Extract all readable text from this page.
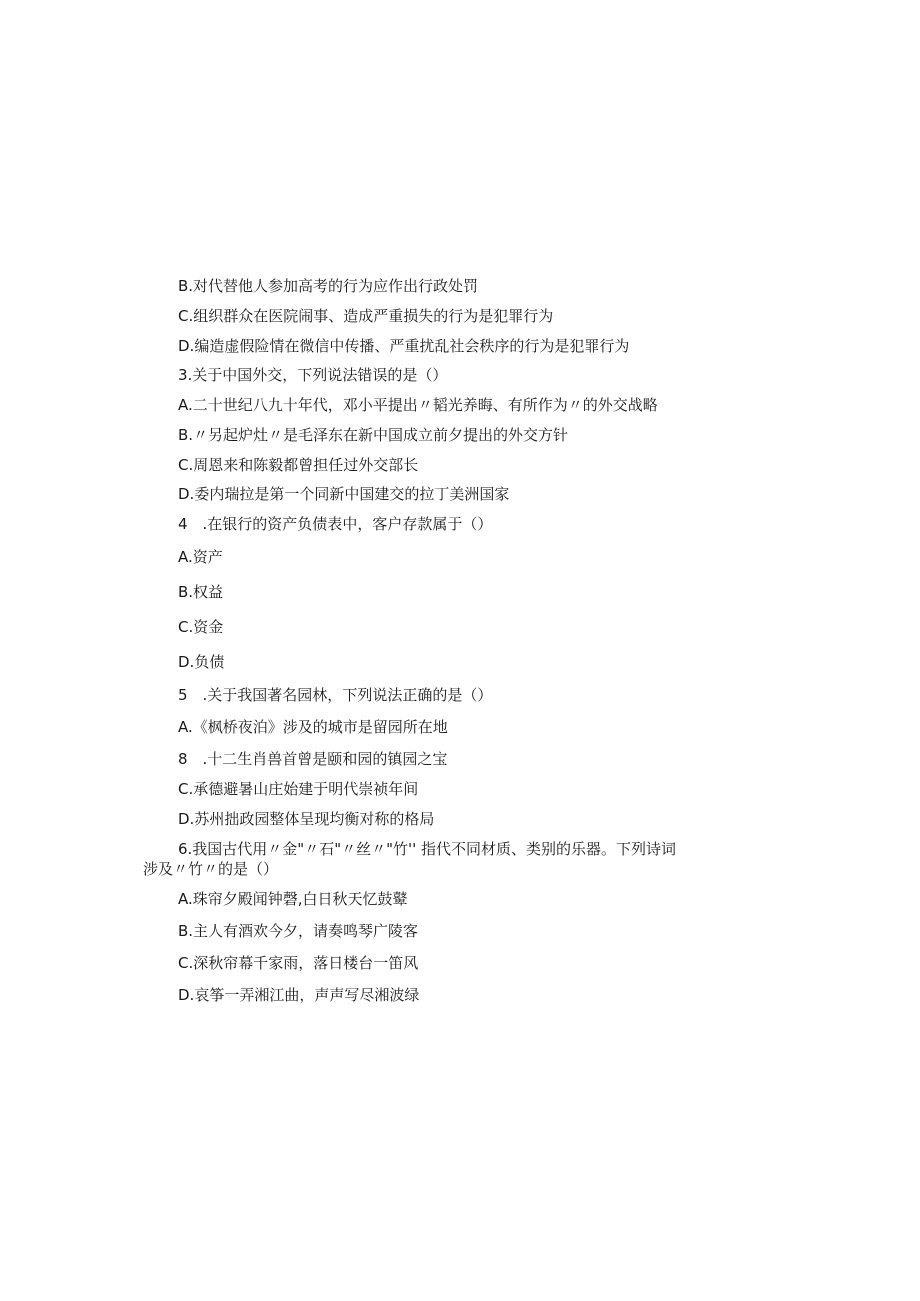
B.对代替他人参加高考的行为应作出行政处罚
C.组织群众在医院闹事、造成严重损失的行为是犯罪行为
D.编造虚假险情在微信中传播、严重扰乱社会秩序的行为是犯罪行为
3.关于中国外交，下列说法错误的是（）
A.二十世纪八九十年代，邓小平提出〃韬光养晦、有所作为〃的外交战略
B.〃另起炉灶〃是毛泽东在新中国成立前夕提出的外交方针
C.周恩来和陈毅都曾担任过外交部长
D.委内瑞拉是第一个同新中国建交的拉丁美洲国家
4　.在银行的资产负债表中，客户存款属于（）
A.资产
B.权益
C.资金
D.负债
5　.关于我国著名园林，下列说法正确的是（）
A.《枫桥夜泊》涉及的城市是留园所在地
8　.十二生肖兽首曾是颐和园的镇园之宝
C.承德避暑山庄始建于明代崇祯年间
D.苏州拙政园整体呈现均衡对称的格局
6.我国古代用〃金"〃石"〃丝〃"竹'' 指代不同材质、类别的乐器。下列诗词
涉及〃竹〃的是（）
A.珠帘夕殿闻钟磬,白日秋天忆鼓鼙
B.主人有酒欢今夕，请奏鸣琴广陵客
C.深秋帘幕千家雨，落日楼台一笛风
D.哀筝一弄湘江曲，声声写尽湘波绿
